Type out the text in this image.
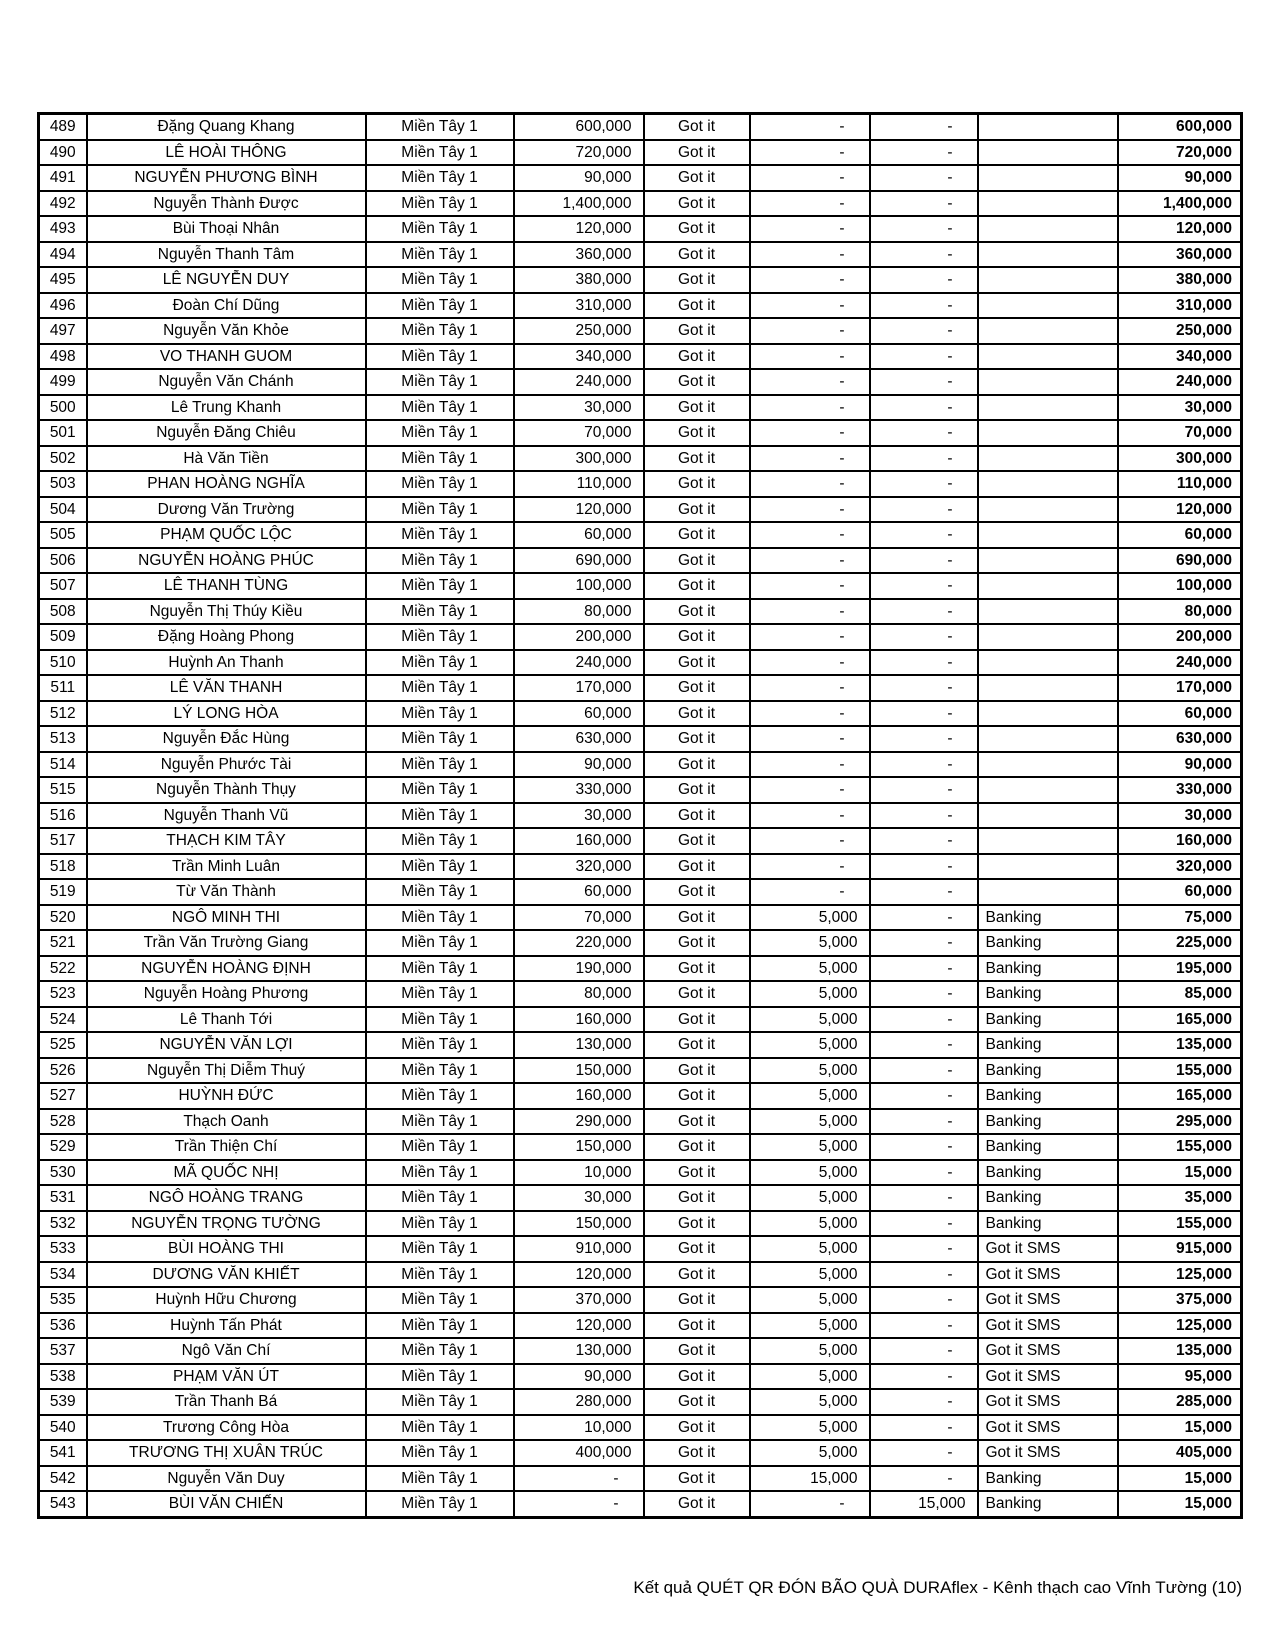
489	Đặng Quang Khang	Miền Tây 1	600,000	Got it	-	-		600,000
490	LÊ HOÀI THÔNG	Miền Tây 1	720,000	Got it	-	-		720,000
491	NGUYỄN PHƯƠNG BÌNH	Miền Tây 1	90,000	Got it	-	-		90,000
492	Nguyễn Thành Được	Miền Tây 1	1,400,000	Got it	-	-		1,400,000
493	Bùi Thoại Nhân	Miền Tây 1	120,000	Got it	-	-		120,000
494	Nguyễn Thanh Tâm	Miền Tây 1	360,000	Got it	-	-		360,000
495	LÊ NGUYỄN DUY	Miền Tây 1	380,000	Got it	-	-		380,000
496	Đoàn Chí Dũng	Miền Tây 1	310,000	Got it	-	-		310,000
497	Nguyễn Văn Khỏe	Miền Tây 1	250,000	Got it	-	-		250,000
498	VO THANH GUOM	Miền Tây 1	340,000	Got it	-	-		340,000
499	Nguyễn Văn Chánh	Miền Tây 1	240,000	Got it	-	-		240,000
500	Lê Trung Khanh	Miền Tây 1	30,000	Got it	-	-		30,000
501	Nguyễn Đăng Chiêu	Miền Tây 1	70,000	Got it	-	-		70,000
502	Hà Văn Tiền	Miền Tây 1	300,000	Got it	-	-		300,000
503	PHAN HOÀNG NGHĨA	Miền Tây 1	110,000	Got it	-	-		110,000
504	Dương Văn Trường	Miền Tây 1	120,000	Got it	-	-		120,000
505	PHẠM QUỐC LỘC	Miền Tây 1	60,000	Got it	-	-		60,000
506	NGUYỄN HOÀNG PHÚC	Miền Tây 1	690,000	Got it	-	-		690,000
507	LÊ THANH TÙNG	Miền Tây 1	100,000	Got it	-	-		100,000
508	Nguyễn Thị Thúy Kiều	Miền Tây 1	80,000	Got it	-	-		80,000
509	Đặng Hoàng Phong	Miền Tây 1	200,000	Got it	-	-		200,000
510	Huỳnh An Thanh	Miền Tây 1	240,000	Got it	-	-		240,000
511	LÊ VĂN THANH	Miền Tây 1	170,000	Got it	-	-		170,000
512	LÝ LONG HÒA	Miền Tây 1	60,000	Got it	-	-		60,000
513	Nguyễn Đắc Hùng	Miền Tây 1	630,000	Got it	-	-		630,000
514	Nguyễn Phước Tài	Miền Tây 1	90,000	Got it	-	-		90,000
515	Nguyễn Thành Thụy	Miền Tây 1	330,000	Got it	-	-		330,000
516	Nguyễn Thanh Vũ	Miền Tây 1	30,000	Got it	-	-		30,000
517	THẠCH KIM TÂY	Miền Tây 1	160,000	Got it	-	-		160,000
518	Trần Minh Luân	Miền Tây 1	320,000	Got it	-	-		320,000
519	Từ Văn Thành	Miền Tây 1	60,000	Got it	-	-		60,000
520	NGÔ MINH THI	Miền Tây 1	70,000	Got it	5,000	-	Banking	75,000
521	Trần Văn Trường Giang	Miền Tây 1	220,000	Got it	5,000	-	Banking	225,000
522	NGUYỄN HOÀNG ĐỊNH	Miền Tây 1	190,000	Got it	5,000	-	Banking	195,000
523	Nguyễn Hoàng Phương	Miền Tây 1	80,000	Got it	5,000	-	Banking	85,000
524	Lê Thanh Tới	Miền Tây 1	160,000	Got it	5,000	-	Banking	165,000
525	NGUYỄN VĂN LỢI	Miền Tây 1	130,000	Got it	5,000	-	Banking	135,000
526	Nguyễn Thị Diễm Thuý	Miền Tây 1	150,000	Got it	5,000	-	Banking	155,000
527	HUỲNH ĐỨC	Miền Tây 1	160,000	Got it	5,000	-	Banking	165,000
528	Thạch Oanh	Miền Tây 1	290,000	Got it	5,000	-	Banking	295,000
529	Trần Thiện Chí	Miền Tây 1	150,000	Got it	5,000	-	Banking	155,000
530	MÃ QUỐC NHỊ	Miền Tây 1	10,000	Got it	5,000	-	Banking	15,000
531	NGÔ HOÀNG TRANG	Miền Tây 1	30,000	Got it	5,000	-	Banking	35,000
532	NGUYỄN TRỌNG TƯỜNG	Miền Tây 1	150,000	Got it	5,000	-	Banking	155,000
533	BÙI HOÀNG THI	Miền Tây 1	910,000	Got it	5,000	-	Got it SMS	915,000
534	DƯƠNG VĂN KHIẾT	Miền Tây 1	120,000	Got it	5,000	-	Got it SMS	125,000
535	Huỳnh Hữu Chương	Miền Tây 1	370,000	Got it	5,000	-	Got it SMS	375,000
536	Huỳnh Tấn Phát	Miền Tây 1	120,000	Got it	5,000	-	Got it SMS	125,000
537	Ngô Văn Chí	Miền Tây 1	130,000	Got it	5,000	-	Got it SMS	135,000
538	PHẠM VĂN ÚT	Miền Tây 1	90,000	Got it	5,000	-	Got it SMS	95,000
539	Trần Thanh Bá	Miền Tây 1	280,000	Got it	5,000	-	Got it SMS	285,000
540	Trương Công Hòa	Miền Tây 1	10,000	Got it	5,000	-	Got it SMS	15,000
541	TRƯƠNG THỊ XUÂN TRÚC	Miền Tây 1	400,000	Got it	5,000	-	Got it SMS	405,000
542	Nguyễn Văn Duy	Miền Tây 1	-	Got it	15,000	-	Banking	15,000
543	BÙI VĂN CHIẾN	Miền Tây 1	-	Got it	-	15,000	Banking	15,000
Kết quả QUÉT QR ĐÓN BÃO QUÀ DURAflex - Kênh thạch cao Vĩnh Tường (10)
